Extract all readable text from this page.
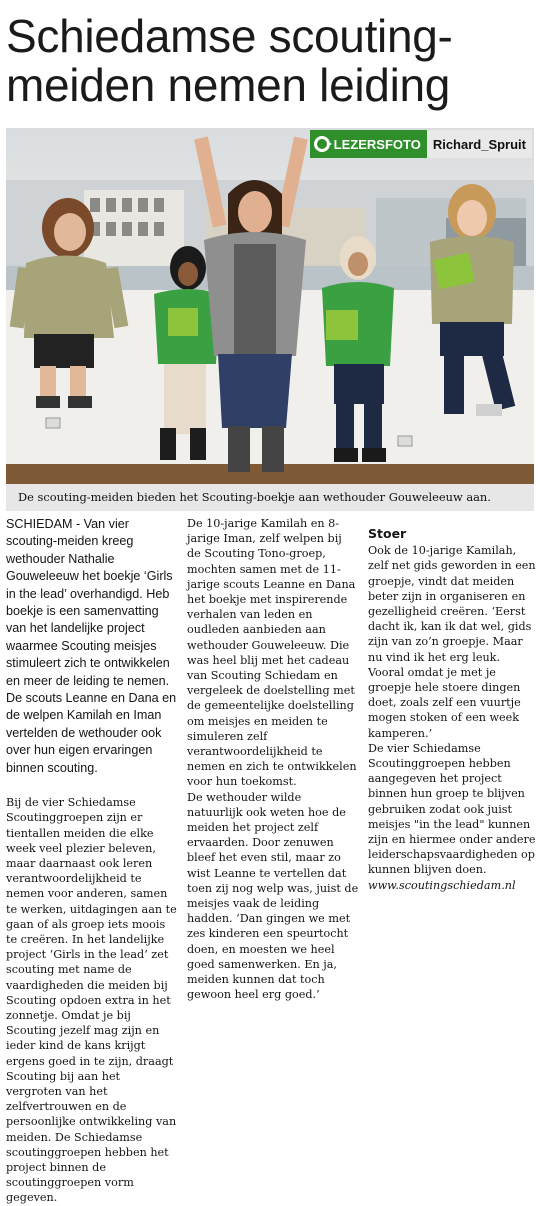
Schiedamse scouting-
meiden nemen leiding
LEZERSFOTO Richard_Spruit
De scouting-meiden bieden het Scouting-boekje aan wethouder Gouweleeuw aan.

SCHIEDAM - Van vier scouting-meiden kreeg wethouder Nathalie Gouweleeuw het boekje ‘Girls in the lead’ overhandigd. Heb boekje is een samenvatting van het landelijke project waarmee Scouting meisjes stimuleert zich te ontwikkelen en meer de leiding te nemen. De scouts Leanne en Dana en de welpen Kamilah en Iman vertelden de wethouder ook over hun eigen ervaringen binnen scouting.

Bij de vier Schiedamse Scoutinggroepen zijn er tientallen meiden die elke week veel plezier beleven, maar daarnaast ook leren verantwoordelijkheid te nemen voor anderen, samen te werken, uitdagingen aan te gaan of als groep iets moois te creëren. In het landelijke project ‘Girls in the lead’ zet scouting met name de vaardigheden die meiden bij Scouting opdoen extra in het zonnetje. Omdat je bij Scouting jezelf mag zijn en ieder kind de kans krijgt ergens goed in te zijn, draagt Scouting bij aan het vergroten van het zelfvertrouwen en de persoonlijke ontwikkeling van meiden. De Schiedamse scoutinggroepen hebben het project binnen de scoutinggroepen vorm gegeven.

De 10-jarige Kamilah en 8-jarige Iman, zelf welpen bij de Scouting Tono-groep, mochten samen met de 11-jarige scouts Leanne en Dana het boekje met inspirerende verhalen van leden en oudleden aanbieden aan wethouder Gouweleeuw. Die was heel blij met het cadeau van Scouting Schiedam en vergeleek de doelstelling met de gemeentelijke doelstelling om meisjes en meiden te simuleren zelf verantwoordelijkheid te nemen en zich te ontwikkelen voor hun toekomst.

De wethouder wilde natuurlijk ook weten hoe de meiden het project zelf ervaarden. Door zenuwen bleef het even stil, maar zo wist Leanne te vertellen dat toen zij nog welp was, juist de meisjes vaak de leiding hadden. ‘Dan gingen we met zes kinderen een speurtocht doen, en moesten we heel goed samenwerken. En ja, meiden kunnen dat toch gewoon heel erg goed.’

Stoer

Ook de 10-jarige Kamilah, zelf net gids geworden in een groepje, vindt dat meiden beter zijn in organiseren en gezelligheid creëren. ‘Eerst dacht ik, kan ik dat wel, gids zijn van zo’n groepje. Maar nu vind ik het erg leuk. Vooral omdat je met je groepje hele stoere dingen doet, zoals zelf een vuurtje mogen stoken of een week kamperen.’

De vier Schiedamse Scoutinggroepen hebben aangegeven het project binnen hun groep te blijven gebruiken zodat ook juist meisjes "in the lead" kunnen zijn en hiermee onder andere leiderschapsvaardigheden op kunnen blijven doen.

www.scoutingschiedam.nl
